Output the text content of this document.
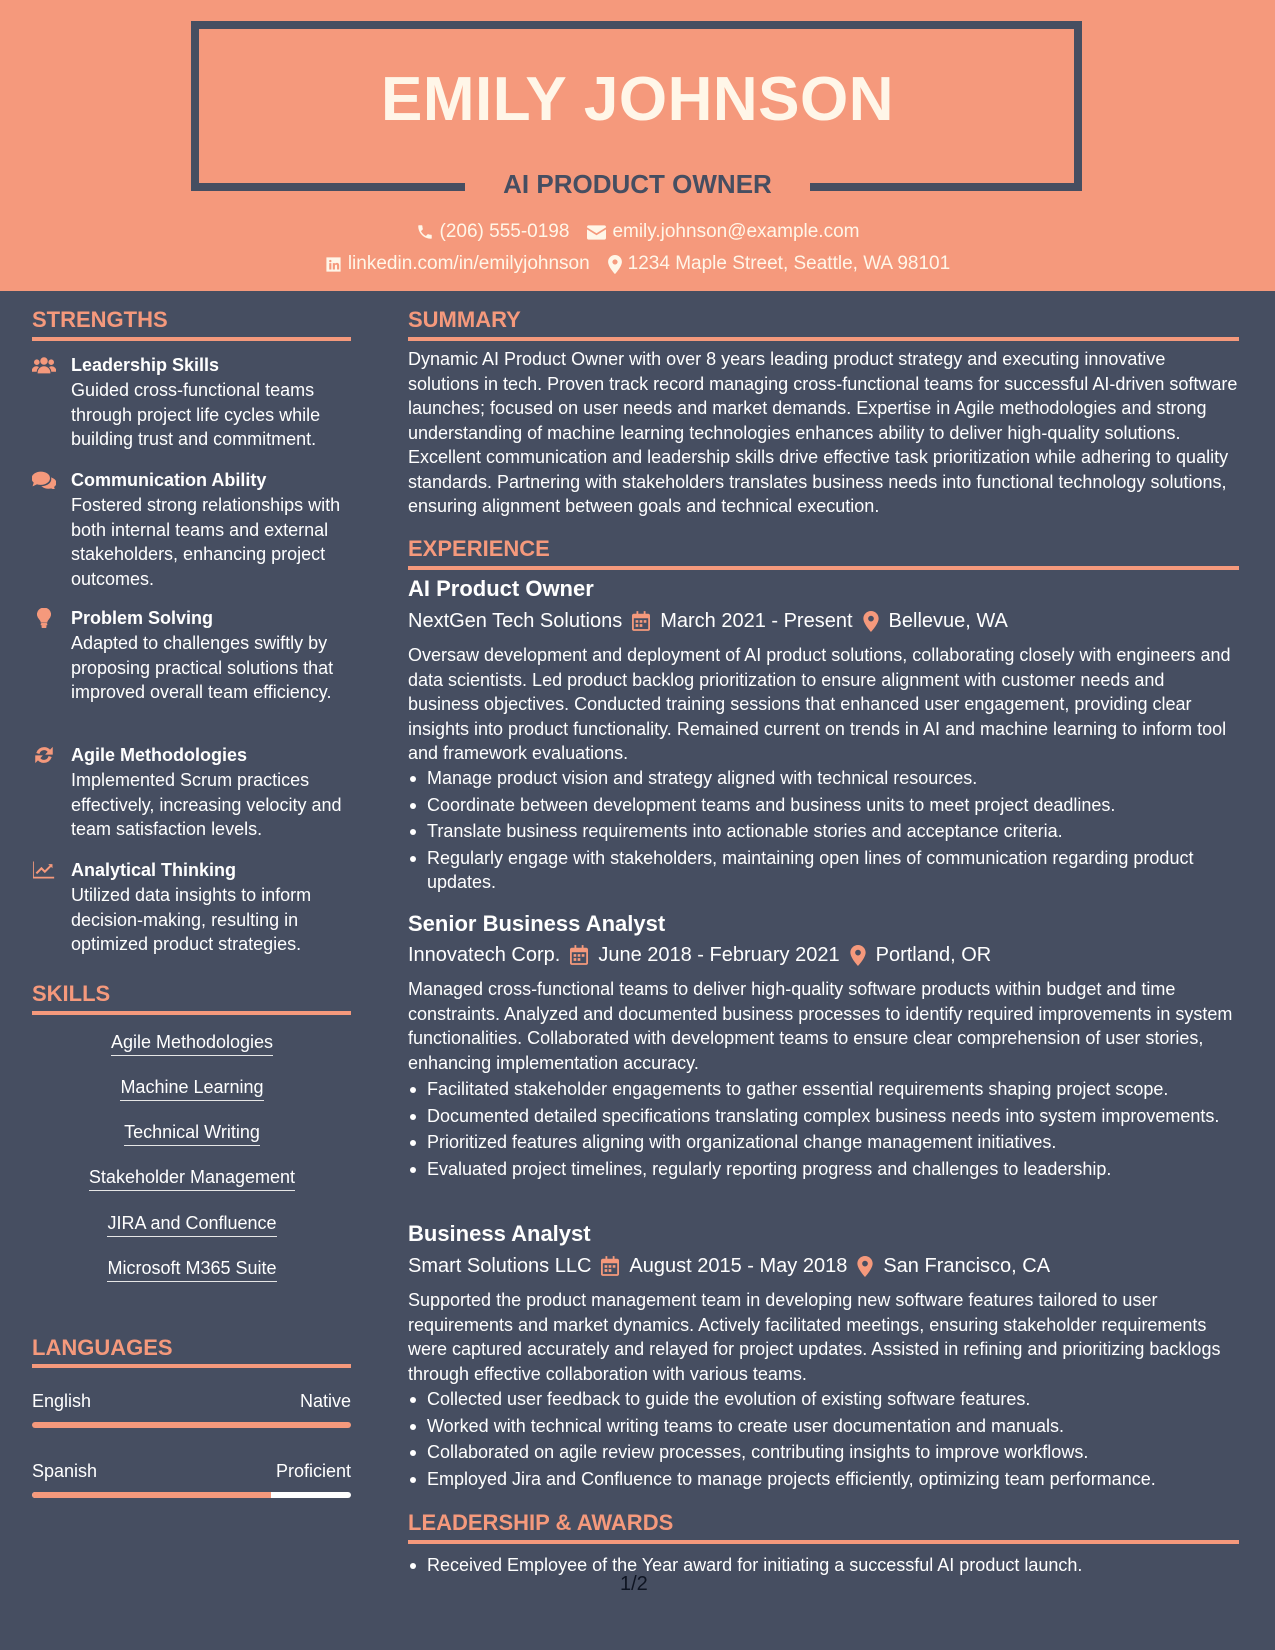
EMILY JOHNSON
AI PRODUCT OWNER
(206) 555-0198 emily.johnson@example.com
linkedin.com/in/emilyjohnson 1234 Maple Street, Seattle, WA 98101
STRENGTHS
Leadership Skills
Guided cross-functional teams through project life cycles while building trust and commitment.
Communication Ability
Fostered strong relationships with both internal teams and external stakeholders, enhancing project outcomes.
Problem Solving
Adapted to challenges swiftly by proposing practical solutions that improved overall team efficiency.
Agile Methodologies
Implemented Scrum practices effectively, increasing velocity and team satisfaction levels.
Analytical Thinking
Utilized data insights to inform decision-making, resulting in optimized product strategies.
SKILLS
Agile Methodologies
Machine Learning
Technical Writing
Stakeholder Management
JIRA and Confluence
Microsoft M365 Suite
LANGUAGES
English	Native
Spanish	Proficient
SUMMARY
Dynamic AI Product Owner with over 8 years leading product strategy and executing innovative solutions in tech. Proven track record managing cross-functional teams for successful AI-driven software launches; focused on user needs and market demands. Expertise in Agile methodologies and strong understanding of machine learning technologies enhances ability to deliver high-quality solutions. Excellent communication and leadership skills drive effective task prioritization while adhering to quality standards. Partnering with stakeholders translates business needs into functional technology solutions, ensuring alignment between goals and technical execution.
EXPERIENCE
AI Product Owner
NextGen Tech Solutions March 2021 - Present Bellevue, WA
Oversaw development and deployment of AI product solutions, collaborating closely with engineers and data scientists. Led product backlog prioritization to ensure alignment with customer needs and business objectives. Conducted training sessions that enhanced user engagement, providing clear insights into product functionality. Remained current on trends in AI and machine learning to inform tool and framework evaluations.
Manage product vision and strategy aligned with technical resources.
Coordinate between development teams and business units to meet project deadlines.
Translate business requirements into actionable stories and acceptance criteria.
Regularly engage with stakeholders, maintaining open lines of communication regarding product updates.
Senior Business Analyst
Innovatech Corp. June 2018 - February 2021 Portland, OR
Managed cross-functional teams to deliver high-quality software products within budget and time constraints. Analyzed and documented business processes to identify required improvements in system functionalities. Collaborated with development teams to ensure clear comprehension of user stories, enhancing implementation accuracy.
Facilitated stakeholder engagements to gather essential requirements shaping project scope.
Documented detailed specifications translating complex business needs into system improvements.
Prioritized features aligning with organizational change management initiatives.
Evaluated project timelines, regularly reporting progress and challenges to leadership.
Business Analyst
Smart Solutions LLC August 2015 - May 2018 San Francisco, CA
Supported the product management team in developing new software features tailored to user requirements and market dynamics. Actively facilitated meetings, ensuring stakeholder requirements were captured accurately and relayed for project updates. Assisted in refining and prioritizing backlogs through effective collaboration with various teams.
Collected user feedback to guide the evolution of existing software features.
Worked with technical writing teams to create user documentation and manuals.
Collaborated on agile review processes, contributing insights to improve workflows.
Employed Jira and Confluence to manage projects efficiently, optimizing team performance.
LEADERSHIP & AWARDS
Received Employee of the Year award for initiating a successful AI product launch.
1/2
